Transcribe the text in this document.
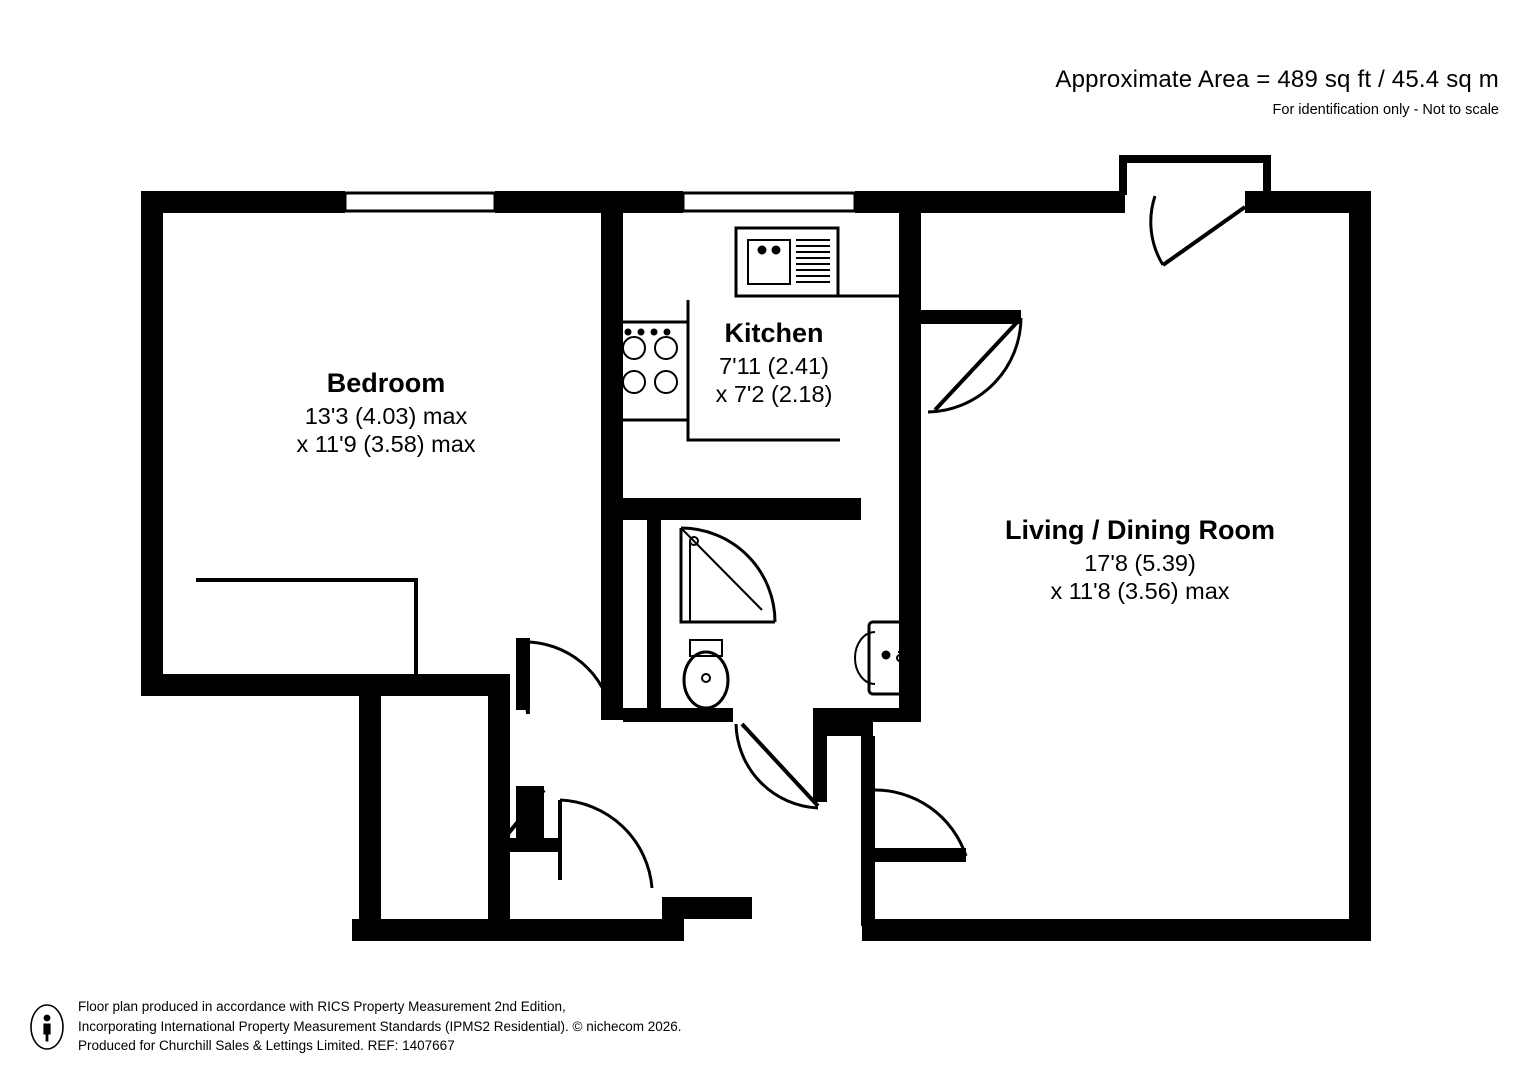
Approximate Area = 489 sq ft / 45.4 sq m
For identification only - Not to scale
Bedroom
13'3 (4.03) max
x 11'9 (3.58) max
Kitchen
7'11 (2.41)
x 7'2 (2.18)
Living / Dining Room
17'8 (5.39)
x 11'8 (3.56) max
Floor plan produced in accordance with RICS Property Measurement 2nd Edition,
Incorporating International Property Measurement Standards (IPMS2 Residential). © nichecom 2026.
Produced for Churchill Sales & Lettings Limited. REF: 1407667
